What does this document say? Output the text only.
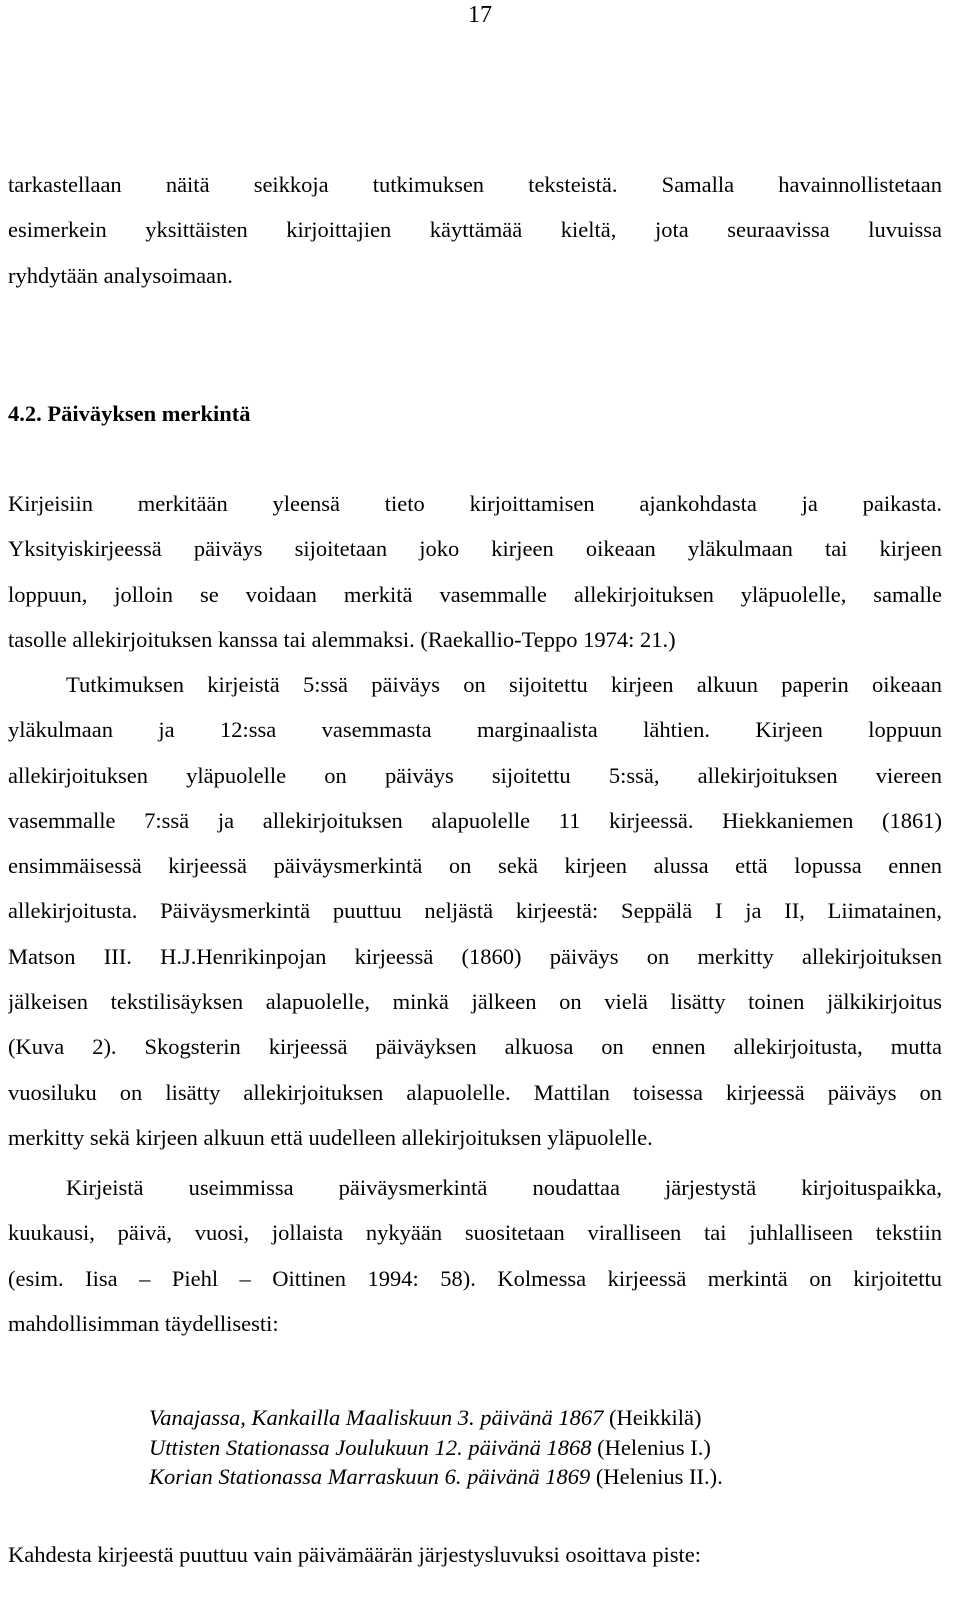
17
tarkastellaan näitä seikkoja tutkimuksen teksteistä. Samalla havainnollistetaan
esimerkein yksittäisten kirjoittajien käyttämää kieltä, jota seuraavissa luvuissa
ryhdytään analysoimaan.
4.2. Päiväyksen merkintä
Kirjeisiin merkitään yleensä tieto kirjoittamisen ajankohdasta ja paikasta.
Yksityiskirjeessä päiväys sijoitetaan joko kirjeen oikeaan yläkulmaan tai kirjeen
loppuun, jolloin se voidaan merkitä vasemmalle allekirjoituksen yläpuolelle, samalle
tasolle allekirjoituksen kanssa tai alemmaksi. (Raekallio-Teppo 1974: 21.)
Tutkimuksen kirjeistä 5:ssä päiväys on sijoitettu kirjeen alkuun paperin oikeaan
yläkulmaan ja 12:ssa vasemmasta marginaalista lähtien. Kirjeen loppuun
allekirjoituksen yläpuolelle on päiväys sijoitettu 5:ssä, allekirjoituksen viereen
vasemmalle 7:ssä ja allekirjoituksen alapuolelle 11 kirjeessä. Hiekkaniemen (1861)
ensimmäisessä kirjeessä päiväysmerkintä on sekä kirjeen alussa että lopussa ennen
allekirjoitusta. Päiväysmerkintä puuttuu neljästä kirjeestä: Seppälä I ja II, Liimatainen,
Matson III. H.J.Henrikinpojan kirjeessä (1860) päiväys on merkitty allekirjoituksen
jälkeisen tekstilisäyksen alapuolelle, minkä jälkeen on vielä lisätty toinen jälkikirjoitus
(Kuva 2). Skogsterin kirjeessä päiväyksen alkuosa on ennen allekirjoitusta, mutta
vuosiluku on lisätty allekirjoituksen alapuolelle. Mattilan toisessa kirjeessä päiväys on
merkitty sekä kirjeen alkuun että uudelleen allekirjoituksen yläpuolelle.
Kirjeistä useimmissa päiväysmerkintä noudattaa järjestystä kirjoituspaikka,
kuukausi, päivä, vuosi, jollaista nykyään suositetaan viralliseen tai juhlalliseen tekstiin
(esim. Iisa – Piehl – Oittinen 1994: 58). Kolmessa kirjeessä merkintä on kirjoitettu
mahdollisimman täydellisesti:
Vanajassa, Kankailla Maaliskuun 3. päivänä 1867 (Heikkilä)
Uttisten Stationassa Joulukuun 12. päivänä 1868 (Helenius I.)
Korian Stationassa Marraskuun 6. päivänä 1869 (Helenius II.).
Kahdesta kirjeestä puuttuu vain päivämäärän järjestysluvuksi osoittava piste:
